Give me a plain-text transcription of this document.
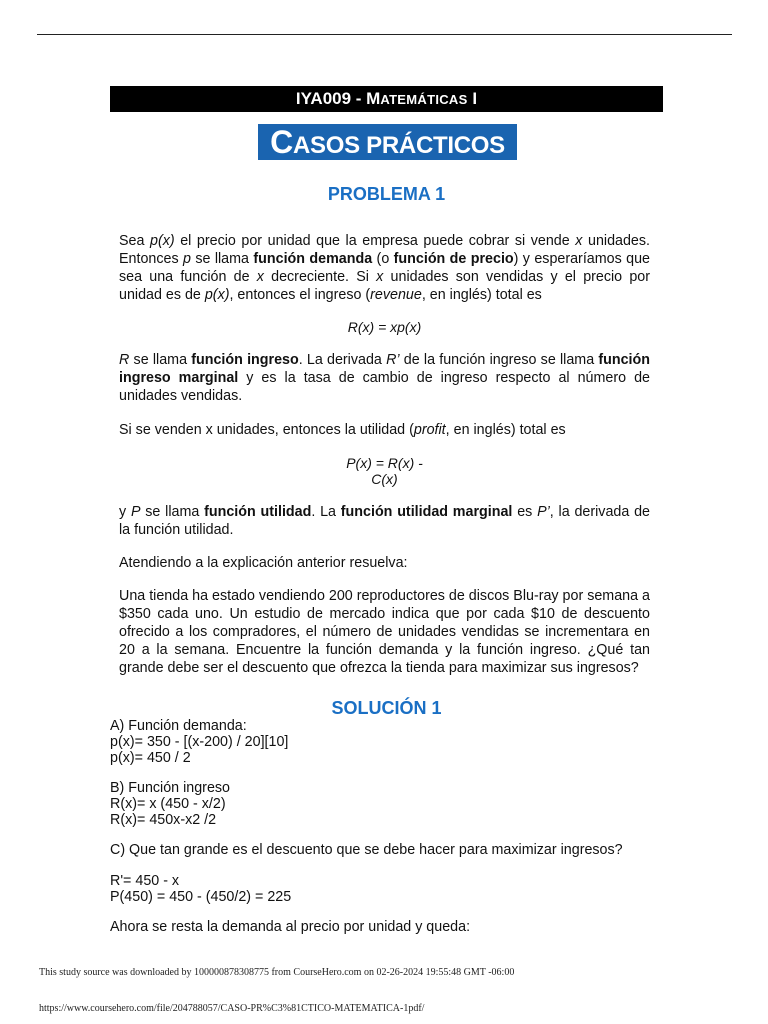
IYA009 - MATEMÁTICAS I
CASOS PRÁCTICOS
PROBLEMA 1

Sea p(x) el precio por unidad que la empresa puede cobrar si vende x unidades. Entonces p se llama función demanda (o función de precio) y esperaríamos que sea una función de x decreciente. Si x unidades son vendidas y el precio por unidad es de p(x), entonces el ingreso (revenue, en inglés) total es

R(x) = xp(x)

R se llama función ingreso. La derivada R’ de la función ingreso se llama función ingreso marginal y es la tasa de cambio de ingreso respecto al número de unidades vendidas.

Si se venden x unidades, entonces la utilidad (profit, en inglés) total es

P(x) = R(x) -
C(x)

y P se llama función utilidad. La función utilidad marginal es P’, la derivada de la función utilidad.

Atendiendo a la explicación anterior resuelva:

Una tienda ha estado vendiendo 200 reproductores de discos Blu-ray por semana a $350 cada uno. Un estudio de mercado indica que por cada $10 de descuento ofrecido a los compradores, el número de unidades vendidas se incrementara en 20 a la semana. Encuentre la función demanda y la función ingreso. ¿Qué tan grande debe ser el descuento que ofrezca la tienda para maximizar sus ingresos?

SOLUCIÓN 1

A) Función demanda:
p(x)= 350 - [(x-200) / 20][10]
p(x)= 450 / 2

B) Función ingreso
R(x)= x (450 - x/2)
R(x)= 450x-x2 /2

C) Que tan grande es el descuento que se debe hacer para maximizar ingresos?

R'= 450 - x
P(450) = 450 - (450/2) = 225

Ahora se resta la demanda al precio por unidad y queda:

This study source was downloaded by 100000878308775 from CourseHero.com on 02-26-2024 19:55:48 GMT -06:00
https://www.coursehero.com/file/204788057/CASO-PR%C3%81CTICO-MATEMATICA-1pdf/
